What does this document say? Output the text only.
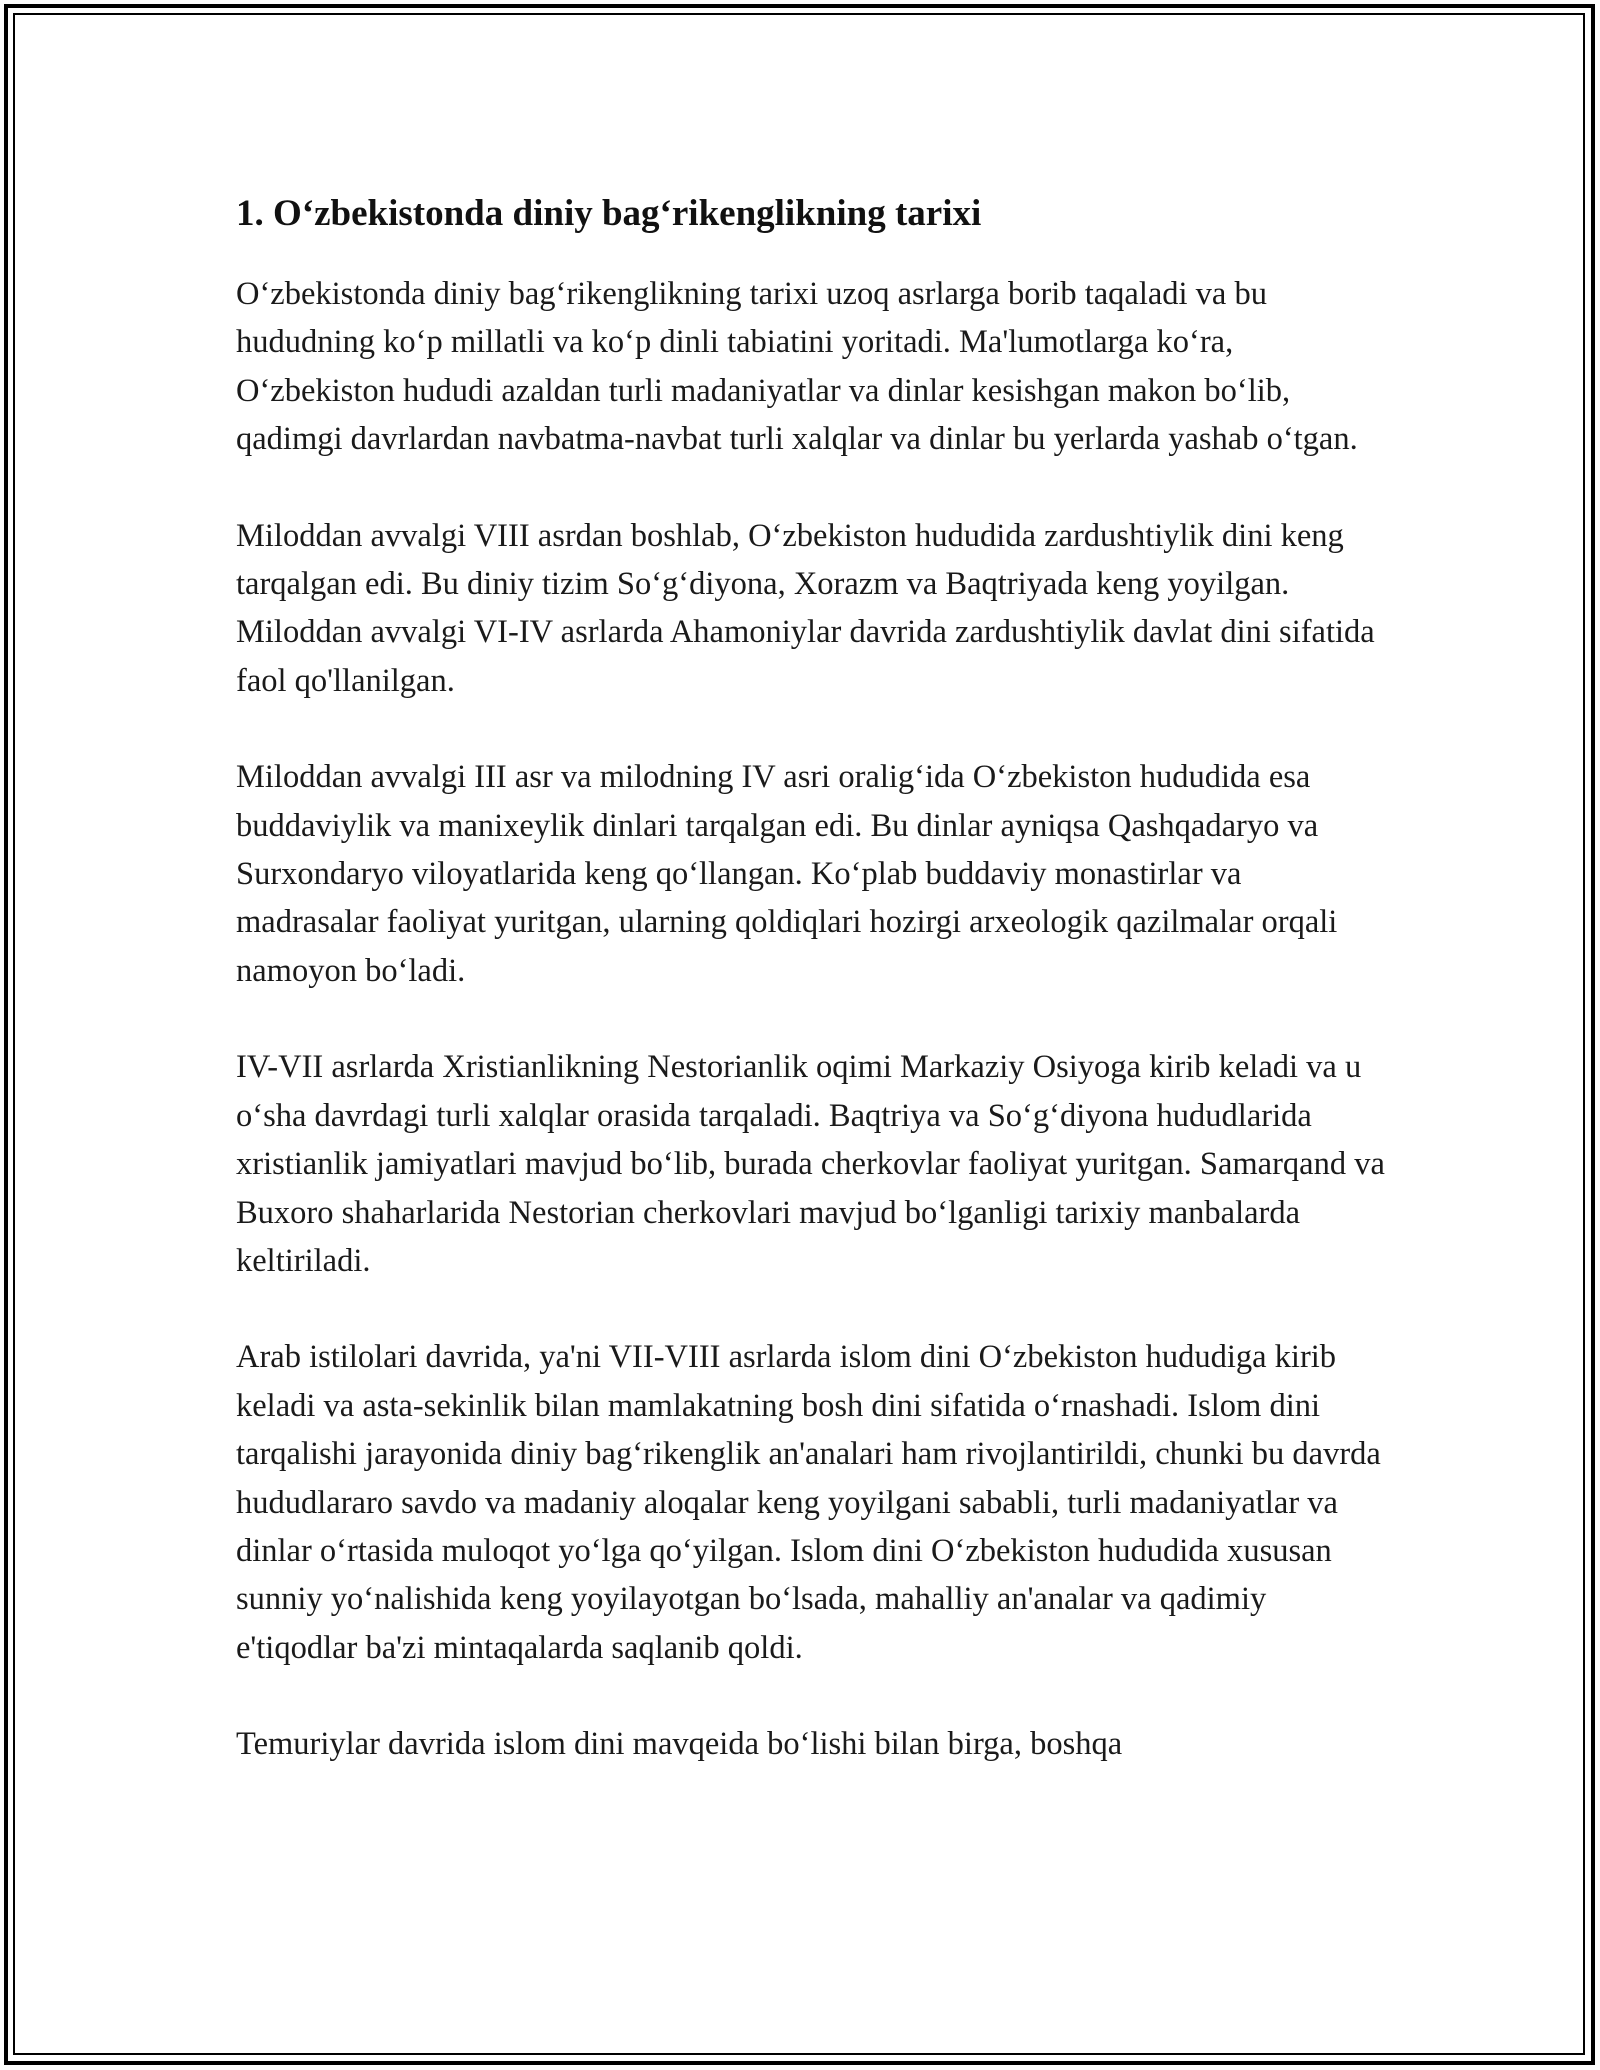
1. O‘zbekistonda diniy bag‘rikenglikning tarixi

O‘zbekistonda diniy bag‘rikenglikning tarixi uzoq asrlarga borib taqaladi va bu hududning ko‘p millatli va ko‘p dinli tabiatini yoritadi. Ma'lumotlarga ko‘ra, O‘zbekiston hududi azaldan turli madaniyatlar va dinlar kesishgan makon bo‘lib, qadimgi davrlardan navbatma-navbat turli xalqlar va dinlar bu yerlarda yashab o‘tgan.

Miloddan avvalgi VIII asrdan boshlab, O‘zbekiston hududida zardushtiylik dini keng tarqalgan edi. Bu diniy tizim So‘g‘diyona, Xorazm va Baqtriyada keng yoyilgan. Miloddan avvalgi VI-IV asrlarda Ahamoniylar davrida zardushtiylik davlat dini sifatida faol qo'llanilgan.

Miloddan avvalgi III asr va milodning IV asri oralig‘ida O‘zbekiston hududida esa buddaviylik va manixeylik dinlari tarqalgan edi. Bu dinlar ayniqsa Qashqadaryo va Surxondaryo viloyatlarida keng qo‘llangan. Ko‘plab buddaviy monastirlar va madrasalar faoliyat yuritgan, ularning qoldiqlari hozirgi arxeologik qazilmalar orqali namoyon bo‘ladi.

IV-VII asrlarda Xristianlikning Nestorianlik oqimi Markaziy Osiyoga kirib keladi va u o‘sha davrdagi turli xalqlar orasida tarqaladi. Baqtriya va So‘g‘diyona hududlarida xristianlik jamiyatlari mavjud bo‘lib, burada cherkovlar faoliyat yuritgan. Samarqand va Buxoro shaharlarida Nestorian cherkovlari mavjud bo‘lganligi tarixiy manbalarda keltiriladi.

Arab istilolari davrida, ya'ni VII-VIII asrlarda islom dini O‘zbekiston hududiga kirib keladi va asta-sekinlik bilan mamlakatning bosh dini sifatida o‘rnashadi. Islom dini tarqalishi jarayonida diniy bag‘rikenglik an'analari ham rivojlantirildi, chunki bu davrda hududlararo savdo va madaniy aloqalar keng yoyilgani sababli, turli madaniyatlar va dinlar o‘rtasida muloqot yo‘lga qo‘yilgan. Islom dini O‘zbekiston hududida xususan sunniy yo‘nalishida keng yoyilayotgan bo‘lsada, mahalliy an'analar va qadimiy e'tiqodlar ba'zi mintaqalarda saqlanib qoldi.

Temuriylar davrida islom dini mavqeida bo‘lishi bilan birga, boshqa
